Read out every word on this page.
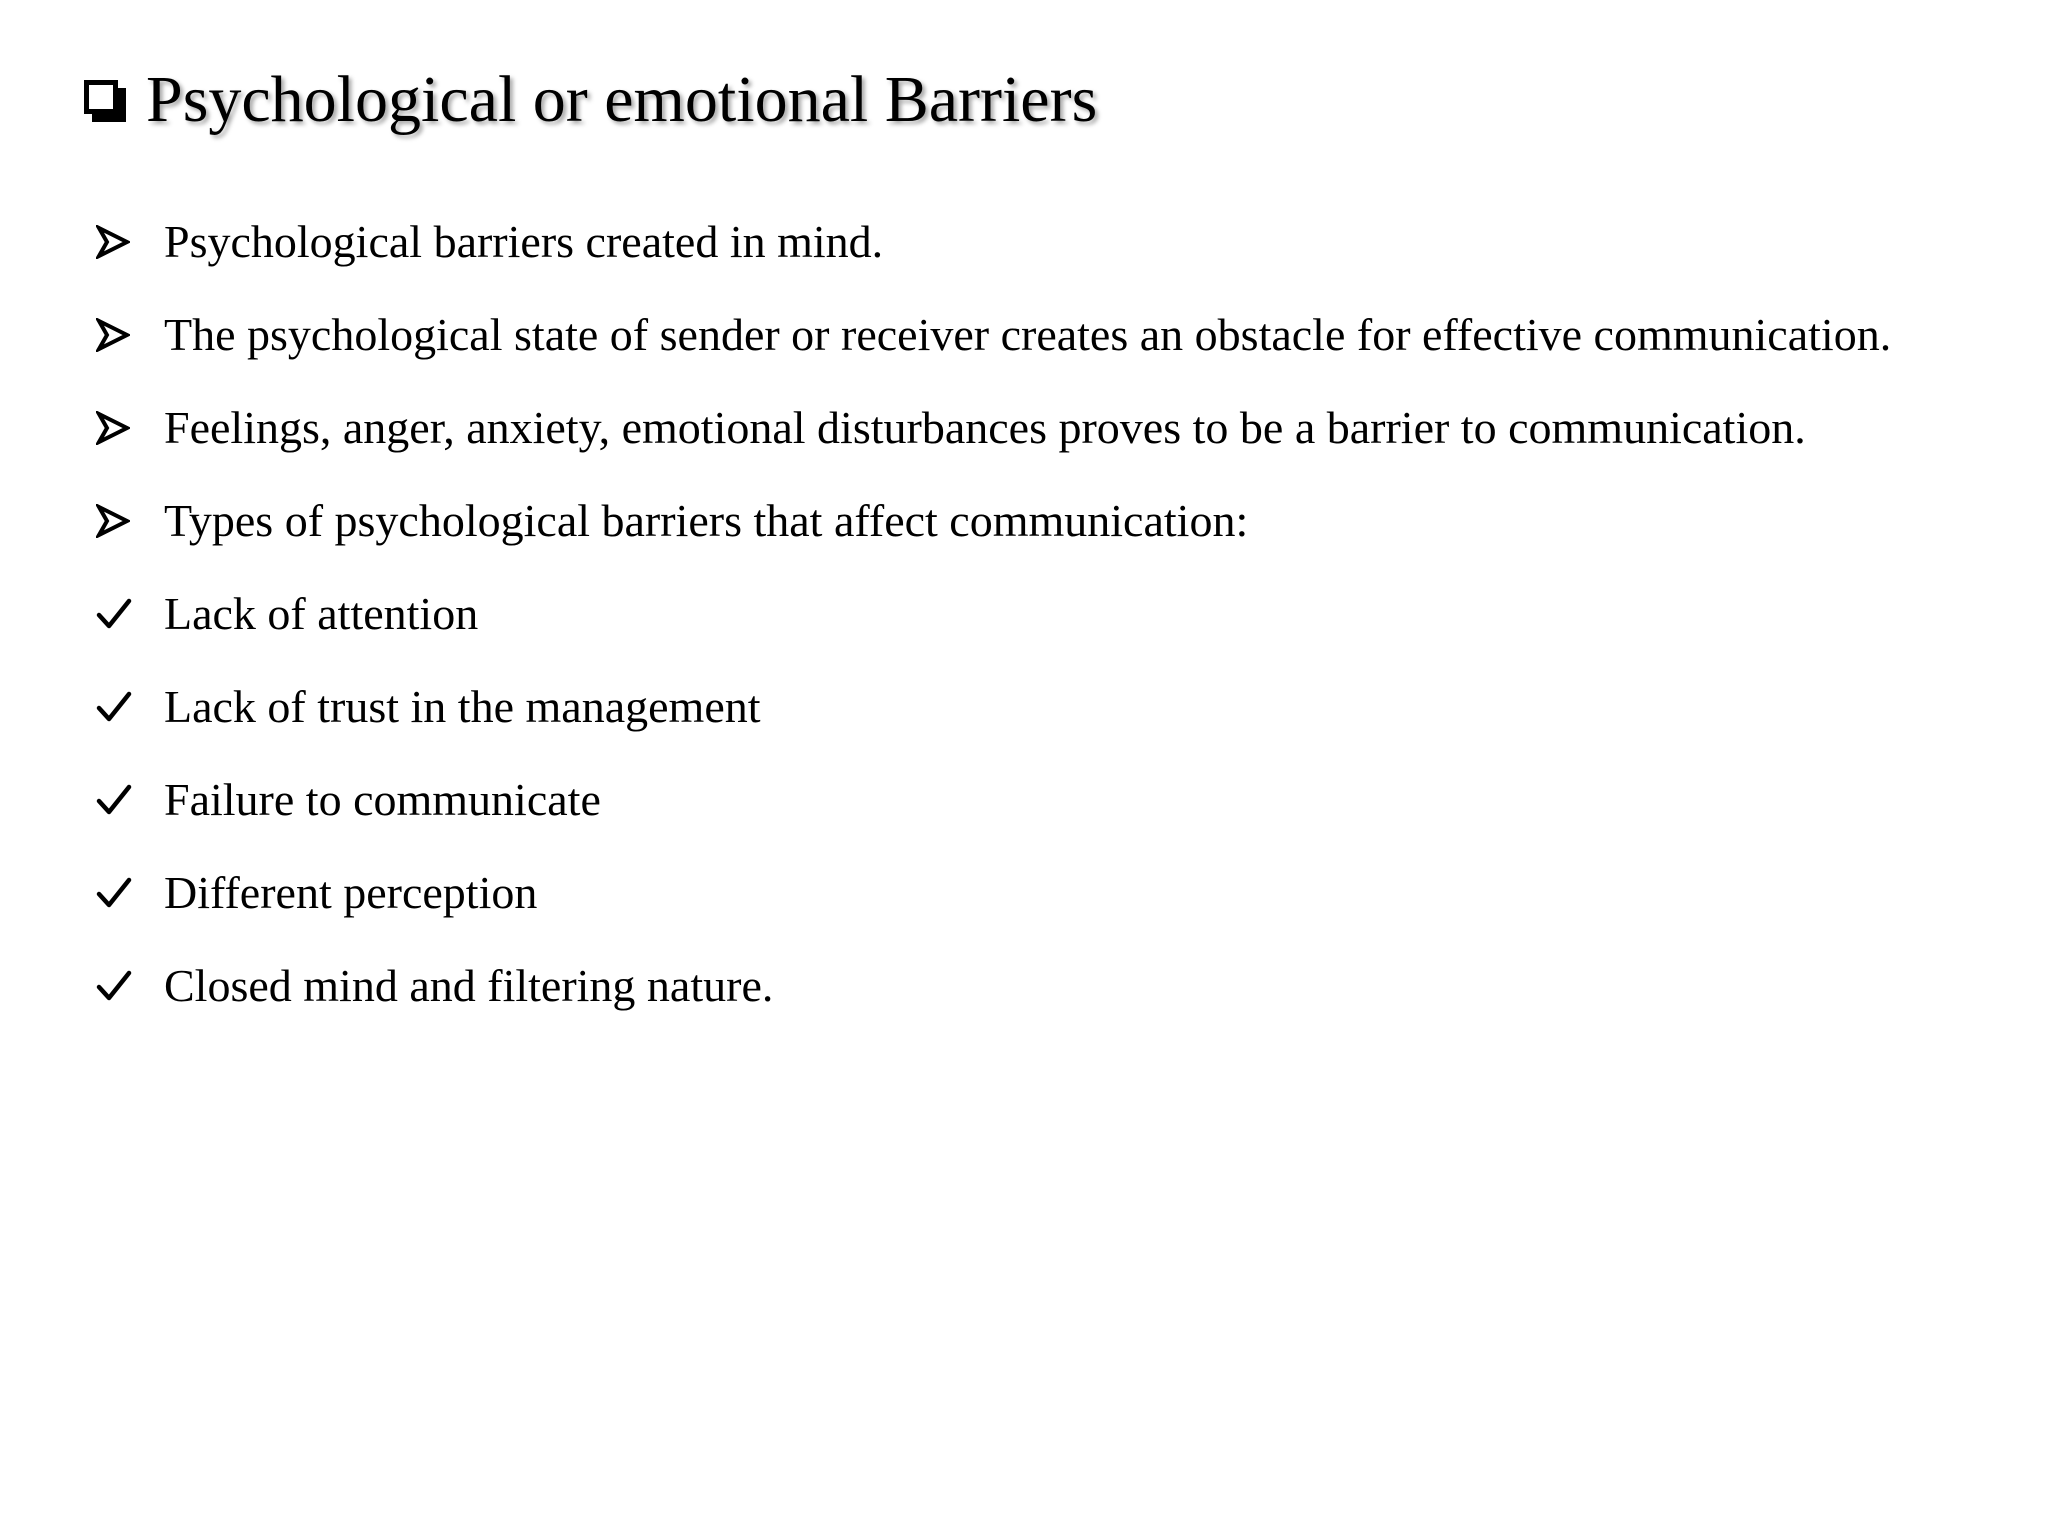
Psychological or emotional Barriers
Psychological barriers created in mind.
The psychological state of sender or receiver creates an obstacle for effective communication.
Feelings, anger, anxiety, emotional disturbances proves to be a barrier to communication.
Types of psychological barriers that affect communication:
Lack of attention
Lack of trust in the management
Failure to communicate
Different perception
Closed mind and filtering nature.
